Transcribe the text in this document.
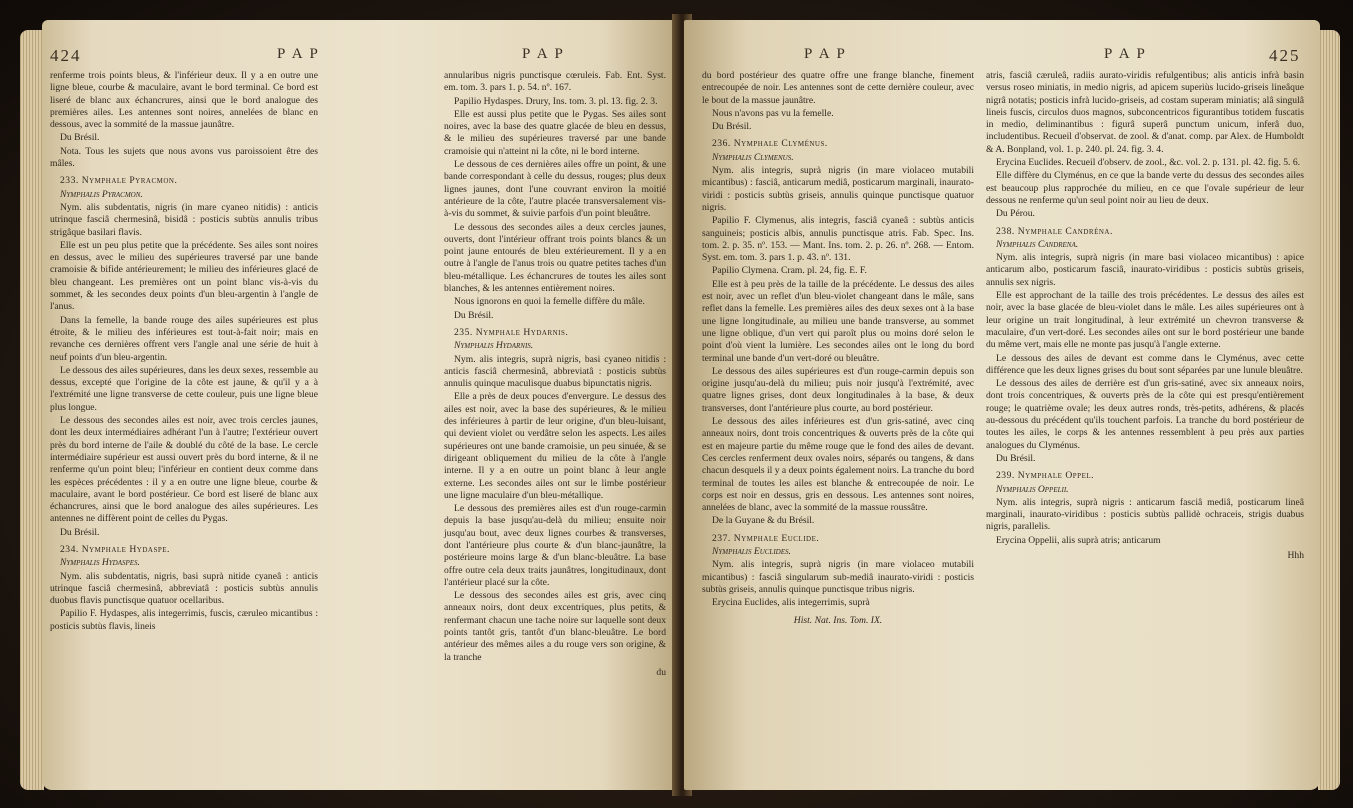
424	P A P	P A P

renferme trois points bleus, & l'inférieur deux. Il y a en outre une ligne bleue, courbe & maculaire, avant le bord terminal. Ce bord est liseré de blanc aux échancrures, ainsi que le bord analogue des premières ailes. Les antennes sont noires, annelées de blanc en dessous, avec la sommité de la massue jaunâtre.

Du Brésil.

Nota. Tous les sujets que nous avons vus paroissoient être des mâles.

233. Nymphale Pyracmon.

Nymphalis Pyracmon.

Nym. alis subdentatis, nigris (in mare cyaneo nitidis) : anticis utrinque fasciâ chermesinâ, bisidâ : posticis subtùs annulis tribus strigâque basilari flavis.

Elle est un peu plus petite que la précédente. Ses ailes sont noires en dessus, avec le milieu des supérieures traversé par une bande cramoisie & bifide antérieurement; le milieu des inférieures glacé de bleu changeant. Les premières ont un point blanc vis-à-vis du sommet, & les secondes deux points d'un bleu-argentin à l'angle de l'anus.

Dans la femelle, la bande rouge des ailes supérieures est plus étroite, & le milieu des inférieures est tout-à-fait noir; mais en revanche ces dernières offrent vers l'angle anal une série de huit à neuf points d'un bleu-argentin.

Le dessous des ailes supérieures, dans les deux sexes, ressemble au dessus, excepté que l'origine de la côte est jaune, & qu'il y a à l'extrémité une ligne transverse de cette couleur, puis une ligne bleue plus longue.

Le dessous des secondes ailes est noir, avec trois cercles jaunes, dont les deux intermédiaires adhérant l'un à l'autre; l'extérieur ouvert près du bord interne de l'aile & doublé du côté de la base. Le cercle intermédiaire supérieur est aussi ouvert près du bord interne, & il ne renferme qu'un point bleu; l'inférieur en contient deux comme dans les espèces précédentes : il y a en outre une ligne bleue, courbe & maculaire, avant le bord postérieur. Ce bord est liseré de blanc aux échancrures, ainsi que le bord analogue des ailes supérieures. Les antennes ne diffèrent point de celles du Pygas.

Du Brésil.

234. Nymphale Hydaspe.

Nymphalis Hydaspes.

Nym. alis subdentatis, nigris, basi suprà nitide cyaneâ : anticis utrinque fasciâ chermesinâ, abbreviatâ : posticis subtùs annulis duobus flavis punctisque quatuor ocellaribus.

Papilio F. Hydaspes, alis integerrimis, fuscis, cæruleo micantibus : posticis subtùs flavis, lineis

annularibus nigris punctisque cœruleis. Fab. Ent. Syst. em. tom. 3. pars 1. p. 54. nº. 167.

Papilio Hydaspes. Drury, Ins. tom. 3. pl. 13. fig. 2. 3.

Elle est aussi plus petite que le Pygas. Ses ailes sont noires, avec la base des quatre glacée de bleu en dessus, & le milieu des supérieures traversé par une bande cramoisie qui n'atteint ni la côte, ni le bord interne.

Le dessous de ces dernières ailes offre un point, & une bande correspondant à celle du dessus, rouges; plus deux lignes jaunes, dont l'une couvrant environ la moitié antérieure de la côte, l'autre placée transversalement vis-à-vis du sommet, & suivie parfois d'un point bleuâtre.

Le dessous des secondes ailes a deux cercles jaunes, ouverts, dont l'intérieur offrant trois points blancs & un point jaune entourés de bleu extérieurement. Il y a en outre à l'angle de l'anus trois ou quatre petites taches d'un bleu-métallique. Les échancrures de toutes les ailes sont blanches, & les antennes entièrement noires.

Nous ignorons en quoi la femelle diffère du mâle.

Du Brésil.

235. Nymphale Hydarnis.

Nymphalis Hydarnis.

Nym. alis integris, suprà nigris, basi cyaneo nitidis : anticis fasciâ chermesinâ, abbreviatâ : posticis subtùs annulis quinque maculisque duabus bipunctatis nigris.

Elle a près de deux pouces d'envergure. Le dessus des ailes est noir, avec la base des supérieures, & le milieu des inférieures à partir de leur origine, d'un bleu-luisant, qui devient violet ou verdâtre selon les aspects. Les ailes supérieures ont une bande cramoisie, un peu sinuée, & se dirigeant obliquement du milieu de la côte à l'angle interne. Il y a en outre un point blanc à leur angle externe. Les secondes ailes ont sur le limbe postérieur une ligne maculaire d'un bleu-métallique.

Le dessous des premières ailes est d'un rouge-carmin depuis la base jusqu'au-delà du milieu; ensuite noir jusqu'au bout, avec deux lignes courbes & transverses, dont l'antérieure plus courte & d'un blanc-jaunâtre, la postérieure moins large & d'un blanc-bleuâtre. La base offre outre cela deux traits jaunâtres, longitudinaux, dont l'antérieur placé sur la côte.

Le dessous des secondes ailes est gris, avec cinq anneaux noirs, dont deux excentriques, plus petits, & renfermant chacun une tache noire sur laquelle sont deux points tantôt gris, tantôt d'un blanc-bleuâtre. Le bord antérieur des mêmes ailes a du rouge vers son origine, & la tranche

du

P A P	P A P	425

du bord postérieur des quatre offre une frange blanche, finement entrecoupée de noir. Les antennes sont de cette dernière couleur, avec le bout de la massue jaunâtre.

Nous n'avons pas vu la femelle.

Du Brésil.

236. Nymphale Clyménus.

Nymphalis Clymenus.

Nym. alis integris, suprà nigris (in mare violaceo mutabili micantibus) : fasciâ, anticarum mediâ, posticarum marginali, inaurato-viridi : posticis subtùs griseis, annulis quinque punctisque quatuor nigris.

Papilio F. Clymenus, alis integris, fasciâ cyaneâ : subtùs anticis sanguineis; posticis albis, annulis punctisque atris. Fab. Spec. Ins. tom. 2. p. 35. nº. 153. — Mant. Ins. tom. 2. p. 26. nº. 268. — Entom. Syst. em. tom. 3. pars 1. p. 43. nº. 131.

Papilio Clymena. Cram. pl. 24, fig. E. F.

Elle est à peu près de la taille de la précédente. Le dessus des ailes est noir, avec un reflet d'un bleu-violet changeant dans le mâle, sans reflet dans la femelle. Les premières ailes des deux sexes ont à la base une ligne longitudinale, au milieu une bande transverse, au sommet une ligne oblique, d'un vert qui paroît plus ou moins doré selon le point d'où vient la lumière. Les secondes ailes ont le long du bord terminal une bande d'un vert-doré ou bleuâtre.

Le dessous des ailes supérieures est d'un rouge-carmin depuis son origine jusqu'au-delà du milieu; puis noir jusqu'à l'extrémité, avec quatre lignes grises, dont deux longitudinales à la base, & deux transverses, dont l'antérieure plus courte, au bord postérieur.

Le dessous des ailes inférieures est d'un gris-satiné, avec cinq anneaux noirs, dont trois concentriques & ouverts près de la côte qui est en majeure partie du même rouge que le fond des ailes de devant. Ces cercles renferment deux ovales noirs, séparés ou tangens, & dans chacun desquels il y a deux points également noirs. La tranche du bord terminal de toutes les ailes est blanche & entrecoupée de noir. Le corps est noir en dessus, gris en dessous. Les antennes sont noires, annelées de blanc, avec la sommité de la massue roussâtre.

De la Guyane & du Brésil.

237. Nymphale Euclide.

Nymphalis Euclides.

Nym. alis integris, suprà nigris (in mare violaceo mutabili micantibus) : fasciâ singularum sub-mediâ inaurato-viridi : posticis subtùs griseis, annulis quinque punctisque tribus nigris.

Erycina Euclides, alis integerrimis, suprà

Hist. Nat. Ins. Tom. IX.

atris, fasciâ cæruleâ, radiis aurato-viridis refulgentibus; alis anticis infrà basin versus roseo miniatis, in medio nigris, ad apicem superiùs lucido-griseis lineâque nigrâ notatis; posticis infrà lucido-griseis, ad costam superam miniatis; alâ singulâ lineis fuscis, circulos duos magnos, subconcentricos figurantibus totidem fuscatis in medio, deliminantibus : figurâ superâ punctum unicum, inferâ duo, includentibus. Recueil d'observat. de zool. & d'anat. comp. par Alex. de Humboldt & A. Bonpland, vol. 1. p. 240. pl. 24. fig. 3. 4.

Erycina Euclides. Recueil d'observ. de zool., &c. vol. 2. p. 131. pl. 42. fig. 5. 6.

Elle diffère du Clyménus, en ce que la bande verte du dessus des secondes ailes est beaucoup plus rapprochée du milieu, en ce que l'ovale supérieur de leur dessous ne renferme qu'un seul point noir au lieu de deux.

Du Pérou.

238. Nymphale Candréna.

Nymphalis Candrena.

Nym. alis integris, suprà nigris (in mare basi violaceo micantibus) : apice anticarum albo, posticarum fasciâ, inaurato-viridibus : posticis subtùs griseis, annulis sex nigris.

Elle est approchant de la taille des trois précédentes. Le dessus des ailes est noir, avec la base glacée de bleu-violet dans le mâle. Les ailes supérieures ont à leur origine un trait longitudinal, à leur extrémité un chevron transverse & maculaire, d'un vert-doré. Les secondes ailes ont sur le bord postérieur une bande du même vert, mais elle ne monte pas jusqu'à l'angle externe.

Le dessous des ailes de devant est comme dans le Clyménus, avec cette différence que les deux lignes grises du bout sont séparées par une lunule bleuâtre.

Le dessous des ailes de derrière est d'un gris-satiné, avec six anneaux noirs, dont trois concentriques, & ouverts près de la côte qui est presqu'entièrement rouge; le quatrième ovale; les deux autres ronds, très-petits, adhérens, & placés au-dessous du précédent qu'ils touchent parfois. La tranche du bord postérieur de toutes les ailes, le corps & les antennes ressemblent à peu près aux parties analogues du Clyménus.

Du Brésil.

239. Nymphale Oppel.

Nymphalis Oppelii.

Nym. alis integris, suprà nigris : anticarum fasciâ mediâ, posticarum lineâ marginali, inaurato-viridibus : posticis subtùs pallidè ochraceis, strigis duabus nigris, parallelis.

Erycina Oppelii, alis suprà atris; anticarum

Hhh
